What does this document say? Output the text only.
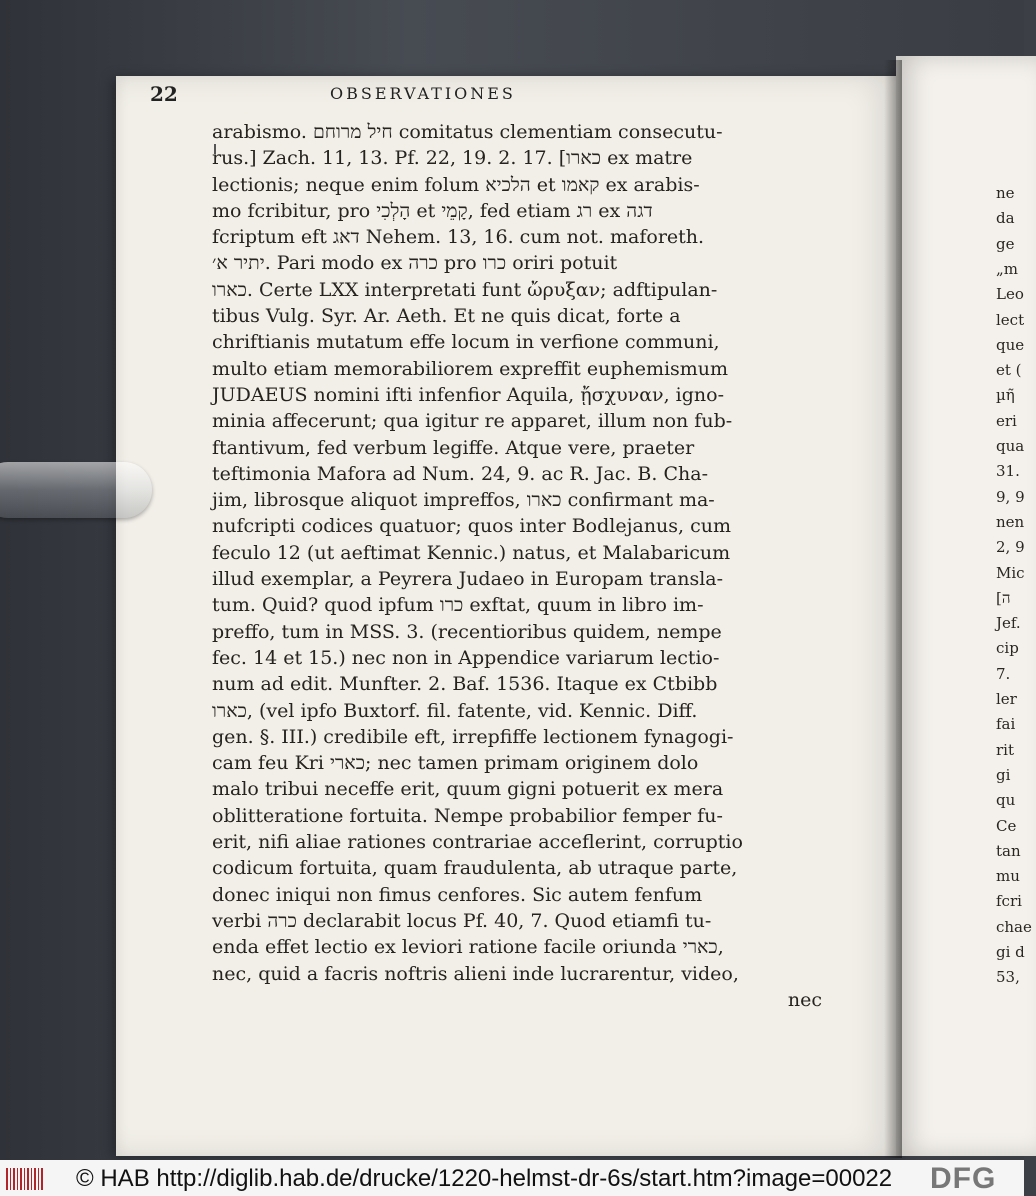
ne
da
ge
„m
Leo
lect
que
et (
µη̃
eri
qua
31.
9, 9
nen
2, 9
Mic
[ה
Jef.
cip
7.
ler
fai
rit
gi
qu
Ce
tan
mu
fcri
chae
gi d
53,
22	OBSERVATIONES
arabismo. חיל מרוחם comitatus clementiam consecutu-
rus.] Zach. 11, 13. Pf. 22, 19. 2. 17. [כארו ex matre
lectionis; neque enim folum הלכיא et קאמו ex arabis-
mo fcribitur, pro הָלְכִי et קָמֵי, fed etiam רג ex דגה
fcriptum eft דאג Nehem. 13, 16. cum not. maforeth.
יתיר א׳. Pari modo ex כרה pro כרו oriri potuit
כארו. Certe LXX interpretati funt ὤρυξαν; adftipulan-
tibus Vulg. Syr. Ar. Aeth. Et ne quis dicat, forte a
chriftianis mutatum effe locum in verfione communi,
multo etiam memorabiliorem expreffit euphemismum
JUDAEUS nomini ifti infenfior Aquila, ᾔσχυναν, igno-
minia affecerunt; qua igitur re apparet, illum non fub-
ftantivum, fed verbum legiffe. Atque vere, praeter
teftimonia Mafora ad Num. 24, 9. ac R. Jac. B. Cha-
jim, librosque aliquot impreffos, כארו confirmant ma-
nufcripti codices quatuor; quos inter Bodlejanus, cum
feculo 12 (ut aeftimat Kennic.) natus, et Malabaricum
illud exemplar, a Peyrera Judaeo in Europam transla-
tum. Quid? quod ipfum כרו exftat, quum in libro im-
preffo, tum in MSS. 3. (recentioribus quidem, nempe
fec. 14 et 15.) nec non in Appendice variarum lectio-
num ad edit. Munfter. 2. Baf. 1536. Itaque ex Ctbibb
כארו, (vel ipfo Buxtorf. fil. fatente, vid. Kennic. Diff.
gen. §. III.) credibile eft, irrepfiffe lectionem fynagogi-
cam feu Kri כארי; nec tamen primam originem dolo
malo tribui neceffe erit, quum gigni potuerit ex mera
oblitteratione fortuita. Nempe probabilior femper fu-
erit, nifi aliae rationes contrariae acceflerint, corruptio
codicum fortuita, quam fraudulenta, ab utraque parte,
donec iniqui non fimus cenfores. Sic autem fenfum
verbi כרה declarabit locus Pf. 40, 7. Quod etiamfi tu-
enda effet lectio ex leviori ratione facile oriunda כארי,
nec, quid a facris noftris alieni inde lucrarentur, video,
nec
© HAB http://diglib.hab.de/drucke/1220-helmst-dr-6s/start.htm?image=00022 DFG
